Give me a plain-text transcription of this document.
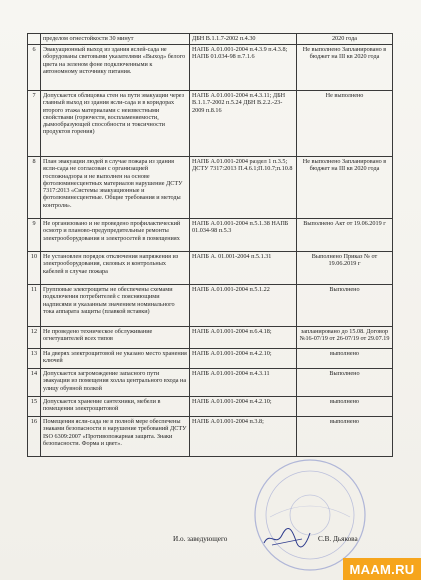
	пределом огнестойкости 30 минут	ДБН В.1.1.7-2002 п.4.30	2020 года
6	Эвакуационный выход из здания яслей-сада не оборудованы световыми указателями «Выход» белого цвета на зеленом фоне подключенными к автономному источнику питания.	НАПБ А.01.001-2004 п.4.3.9 п.4.3.8; НАПБ 01.034-98 п.7.1.6	Не выполнено Запланировано в бюджет на III кв 2020 года
7	Допускается облицовка стен на пути эвакуации через главный выход из здания ясли-сада и в коридорах второго этажа материалами с неизвестными свойствами (горючести, воспламеняемости, дымообразующей способности и токсичности продуктов горения)	НАПБ А.01.001-2004 п.4.3.11; ДБН В.1.1.7-2002 п.5.24 ДБН В.2.2.-23-2009 п.8.16	Не выполнено
8	План эвакуации людей в случае пожара из здания ясли-сада не согласован с организацией госпожнадзора и не выполнен на основе фотолюминесцентных материалов нарушение ДСТУ 7317:2013 «Системы эвакуационные и фотолюминесцентные. Общие требования и методы контроля».	НАПБ А.01.001-2004 раздел 1 п.3.5; ДСТУ 7317:2013 П.4.6.1;П.10.7;п.10.8	Не выполнено Запланировано в бюджет на III кв 2020 года
9	Не организовано и не проведено профилактический осмотр и планово-предупредительные ремонты электрооборудования и электросетей в помещениях	НАПБ А.01.001-2004 п.5.1.38 НАПБ 01.034-98 п.5.3	Выполнено Акт от 19.06.2019 г
10	Не установлен порядок отключения напряжения из электрооборудования, силовых и контрольных кабелей в случае пожара	НАПБ А. 01.001-2004 п.5.1.31	Выполнено Приказ № от 19.06.2019 г
11	Групповые электрощиты не обеспечены схемами подключения потребителей с поясняющими надписями и указанным значением номинального тока аппарата защиты (плавкой вставки)	НАПБ А.01.001-2004 п.5.1.22	Выполнено
12	Не проведено техническое обслуживание огнетушителей всех типов	НАПБ А.01.001-2004 п.6.4.18;	запланировано до 15.08. Договор №16-07/19 от 26-07/19 от 29.07.19
13	На дверях электрощитовой не указано место хранения ключей	НАПБ А.01.001-2004 п.4.2.10;	выполнено
14	Допускается загромождение запасного пути эвакуации из помещения холла центрального входа на улицу обувной полкой	НАПБ А.01.001-2004 п.4.3.11	Выполнено
15	Допускается хранение сантехники, мебели в помещении электрощитовой	НАПБ А.01.001-2004 п.4.2.10;	выполнено
16	Помещения ясли-сада не в полной мере обеспечены знаками безопасности в нарушение требований ДСТУ ISO 6309:2007 «Противопожарная защита. Знаки безопасности. Форма и цвет».	НАПБ А.01.001-2004 п.3.8;	выполнено
И.о. заведующего	С.В. Дьякова
MAAM.RU
